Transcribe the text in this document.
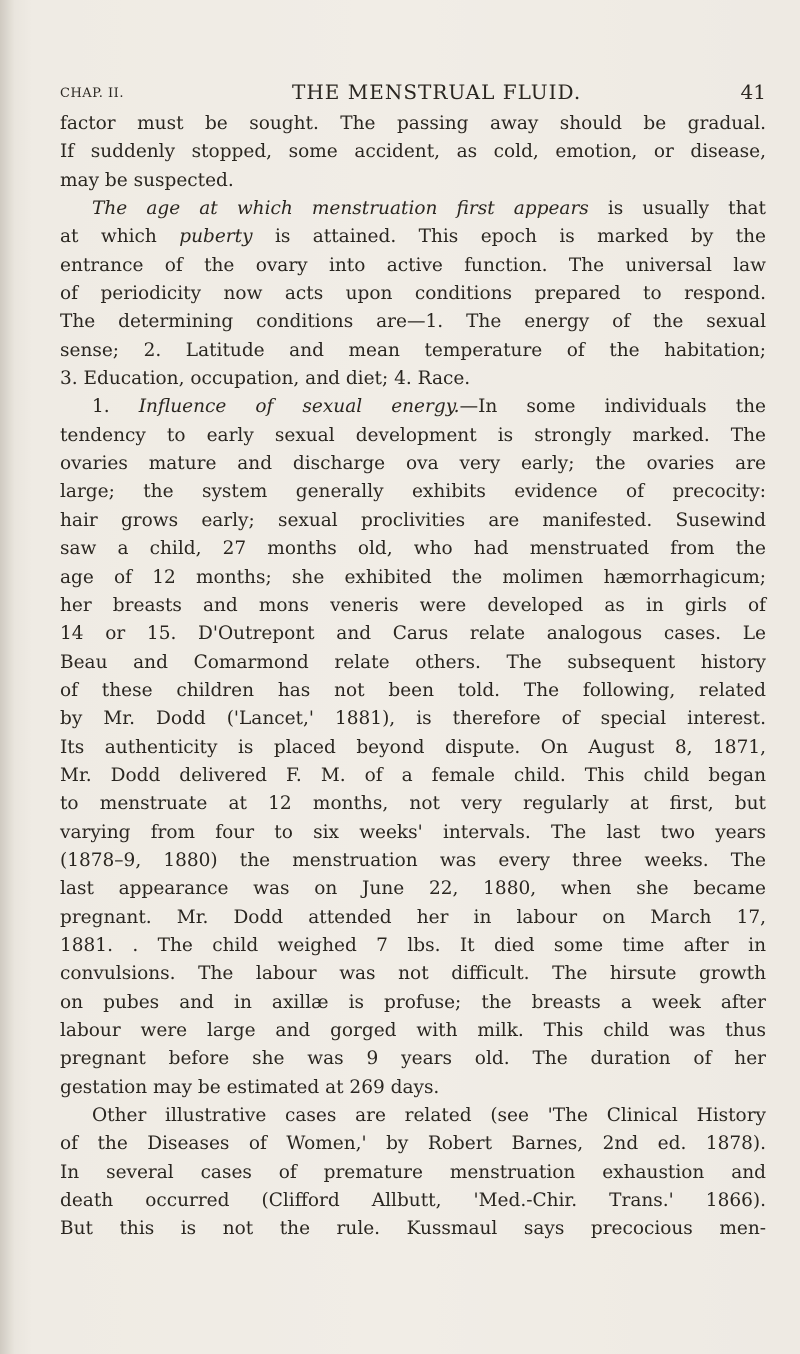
CHAP. II.	THE MENSTRUAL FLUID.	41
factor must be sought. The passing away should be gradual.
If suddenly stopped, some accident, as cold, emotion, or disease,
may be suspected.
The age at which menstruation first appears is usually that
at which puberty is attained. This epoch is marked by the
entrance of the ovary into active function. The universal law
of periodicity now acts upon conditions prepared to respond.
The determining conditions are—1. The energy of the sexual
sense; 2. Latitude and mean temperature of the habitation;
3. Education, occupation, and diet; 4. Race.
1. Influence of sexual energy.—In some individuals the
tendency to early sexual development is strongly marked. The
ovaries mature and discharge ova very early; the ovaries are
large; the system generally exhibits evidence of precocity:
hair grows early; sexual proclivities are manifested. Susewind
saw a child, 27 months old, who had menstruated from the
age of 12 months; she exhibited the molimen hæmorrhagicum;
her breasts and mons veneris were developed as in girls of
14 or 15. D'Outrepont and Carus relate analogous cases. Le
Beau and Comarmond relate others. The subsequent history
of these children has not been told. The following, related
by Mr. Dodd ('Lancet,' 1881), is therefore of special interest.
Its authenticity is placed beyond dispute. On August 8, 1871,
Mr. Dodd delivered F. M. of a female child. This child began
to menstruate at 12 months, not very regularly at first, but
varying from four to six weeks' intervals. The last two years
(1878–9, 1880) the menstruation was every three weeks. The
last appearance was on June 22, 1880, when she became
pregnant. Mr. Dodd attended her in labour on March 17,
1881. . The child weighed 7 lbs. It died some time after in
convulsions. The labour was not difficult. The hirsute growth
on pubes and in axillæ is profuse; the breasts a week after
labour were large and gorged with milk. This child was thus
pregnant before she was 9 years old. The duration of her
gestation may be estimated at 269 days.
Other illustrative cases are related (see 'The Clinical History
of the Diseases of Women,' by Robert Barnes, 2nd ed. 1878).
In several cases of premature menstruation exhaustion and
death occurred (Clifford Allbutt, 'Med.-Chir. Trans.' 1866).
But this is not the rule. Kussmaul says precocious men-
